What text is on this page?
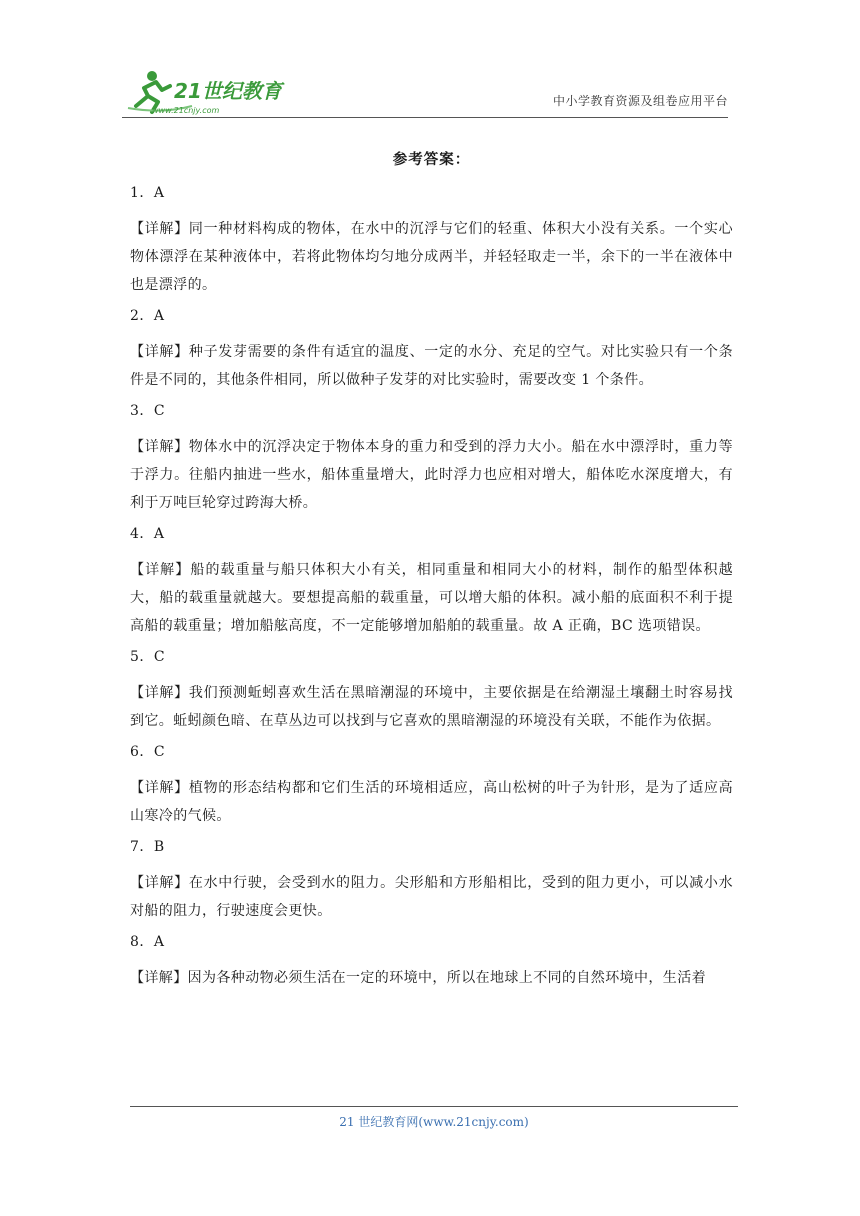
21世纪教育
www.21cnjy.com
中小学教育资源及组卷应用平台
参考答案：
1．A
【详解】同一种材料构成的物体，在水中的沉浮与它们的轻重、体积大小没有关系。一个实心物体漂浮在某种液体中，若将此物体均匀地分成两半，并轻轻取走一半，余下的一半在液体中也是漂浮的。
2．A
【详解】种子发芽需要的条件有适宜的温度、一定的水分、充足的空气。对比实验只有一个条件是不同的，其他条件相同，所以做种子发芽的对比实验时，需要改变 1 个条件。
3．C
【详解】物体水中的沉浮决定于物体本身的重力和受到的浮力大小。船在水中漂浮时，重力等于浮力。往船内抽进一些水，船体重量增大，此时浮力也应相对增大，船体吃水深度增大，有利于万吨巨轮穿过跨海大桥。
4．A
【详解】船的载重量与船只体积大小有关，相同重量和相同大小的材料，制作的船型体积越大，船的载重量就越大。要想提高船的载重量，可以增大船的体积。减小船的底面积不利于提高船的载重量；增加船舷高度，不一定能够增加船舶的载重量。故 A 正确，BC 选项错误。
5．C
【详解】我们预测蚯蚓喜欢生活在黑暗潮湿的环境中，主要依据是在给潮湿土壤翻土时容易找到它。蚯蚓颜色暗、在草丛边可以找到与它喜欢的黑暗潮湿的环境没有关联，不能作为依据。
6．C
【详解】植物的形态结构都和它们生活的环境相适应，高山松树的叶子为针形，是为了适应高山寒冷的气候。
7．B
【详解】在水中行驶，会受到水的阻力。尖形船和方形船相比，受到的阻力更小，可以减小水对船的阻力，行驶速度会更快。
8．A
【详解】因为各种动物必须生活在一定的环境中，所以在地球上不同的自然环境中，生活着
21 世纪教育网(www.21cnjy.com)
